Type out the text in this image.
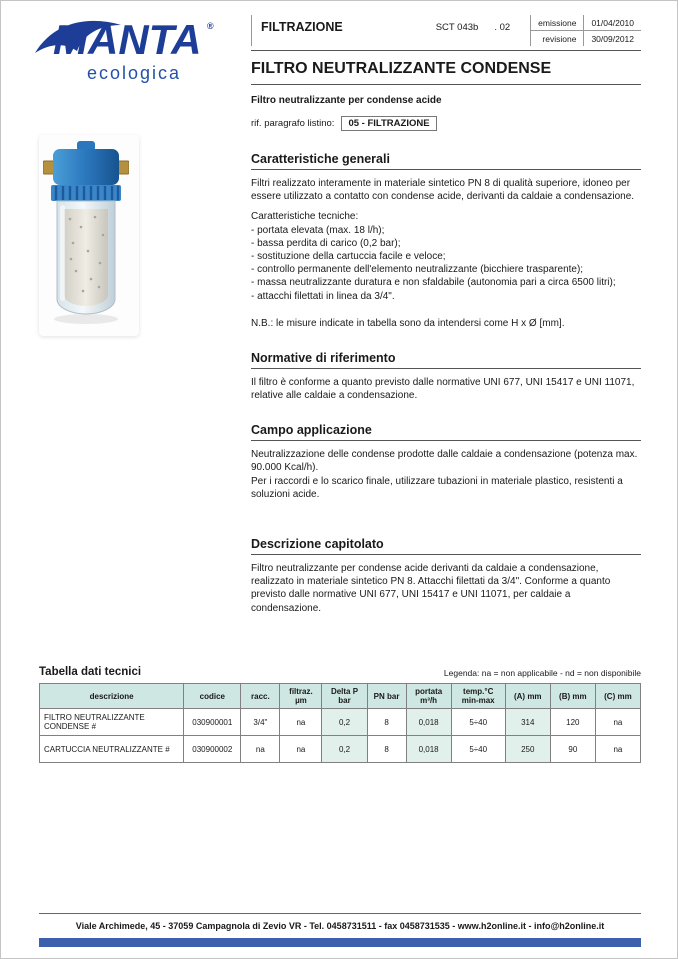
MANTA ®
ecologica
FILTRAZIONE	SCT 043b . 02	emissione	01/04/2010
revisione	30/09/2012
FILTRO NEUTRALIZZANTE CONDENSE
Filtro neutralizzante per condense acide
rif. paragrafo listino:	05 - FILTRAZIONE
Caratteristiche generali

Filtri realizzato interamente in materiale sintetico PN 8 di qualità superiore, idoneo per essere utilizzato a contatto con condense acide, derivanti da caldaie a condensazione.

Caratteristiche tecniche:

- portata elevata (max. 18 l/h);
- bassa perdita di carico (0,2 bar);
- sostituzione della cartuccia facile e veloce;
- controllo permanente dell'elemento neutralizzante (bicchiere trasparente);
- massa neutralizzante duratura e non sfaldabile (autonomia pari a circa 6500 litri);
- attacchi filettati in linea da 3/4".

N.B.: le misure indicate in tabella sono da intendersi come H x Ø [mm].

Normative di riferimento

Il filtro è conforme a quanto previsto dalle normative UNI 677, UNI 15417 e UNI 11071, relative alle caldaie a condensazione.

Campo applicazione

Neutralizzazione delle condense prodotte dalle caldaie a condensazione (potenza max. 90.000 Kcal/h).

Per i raccordi e lo scarico finale, utilizzare tubazioni in materiale plastico, resistenti a soluzioni acide.

Descrizione capitolato

Filtro neutralizzante per condense acide derivanti da caldaie a condensazione, realizzato in materiale sintetico PN 8. Attacchi filettati da 3/4". Conforme a quanto previsto dalle normative UNI 677, UNI 15417 e UNI 11071, per caldaie a condensazione.

Tabella dati tecnici	Legenda: na = non applicabile - nd = non disponibile
descrizione	codice	racc.	filtraz. µm	Delta P bar	PN bar	portata m³/h	temp.°C min-max	(A) mm	(B) mm	(C) mm
FILTRO NEUTRALIZZANTE CONDENSE #	030900001	3/4"	na	0,2	8	0,018	5÷40	314	120	na
CARTUCCIA NEUTRALIZZANTE #	030900002	na	na	0,2	8	0,018	5÷40	250	90	na
Viale Archimede, 45 - 37059 Campagnola di Zevio VR - Tel. 0458731511 - fax 0458731535 - www.h2online.it - info@h2online.it
